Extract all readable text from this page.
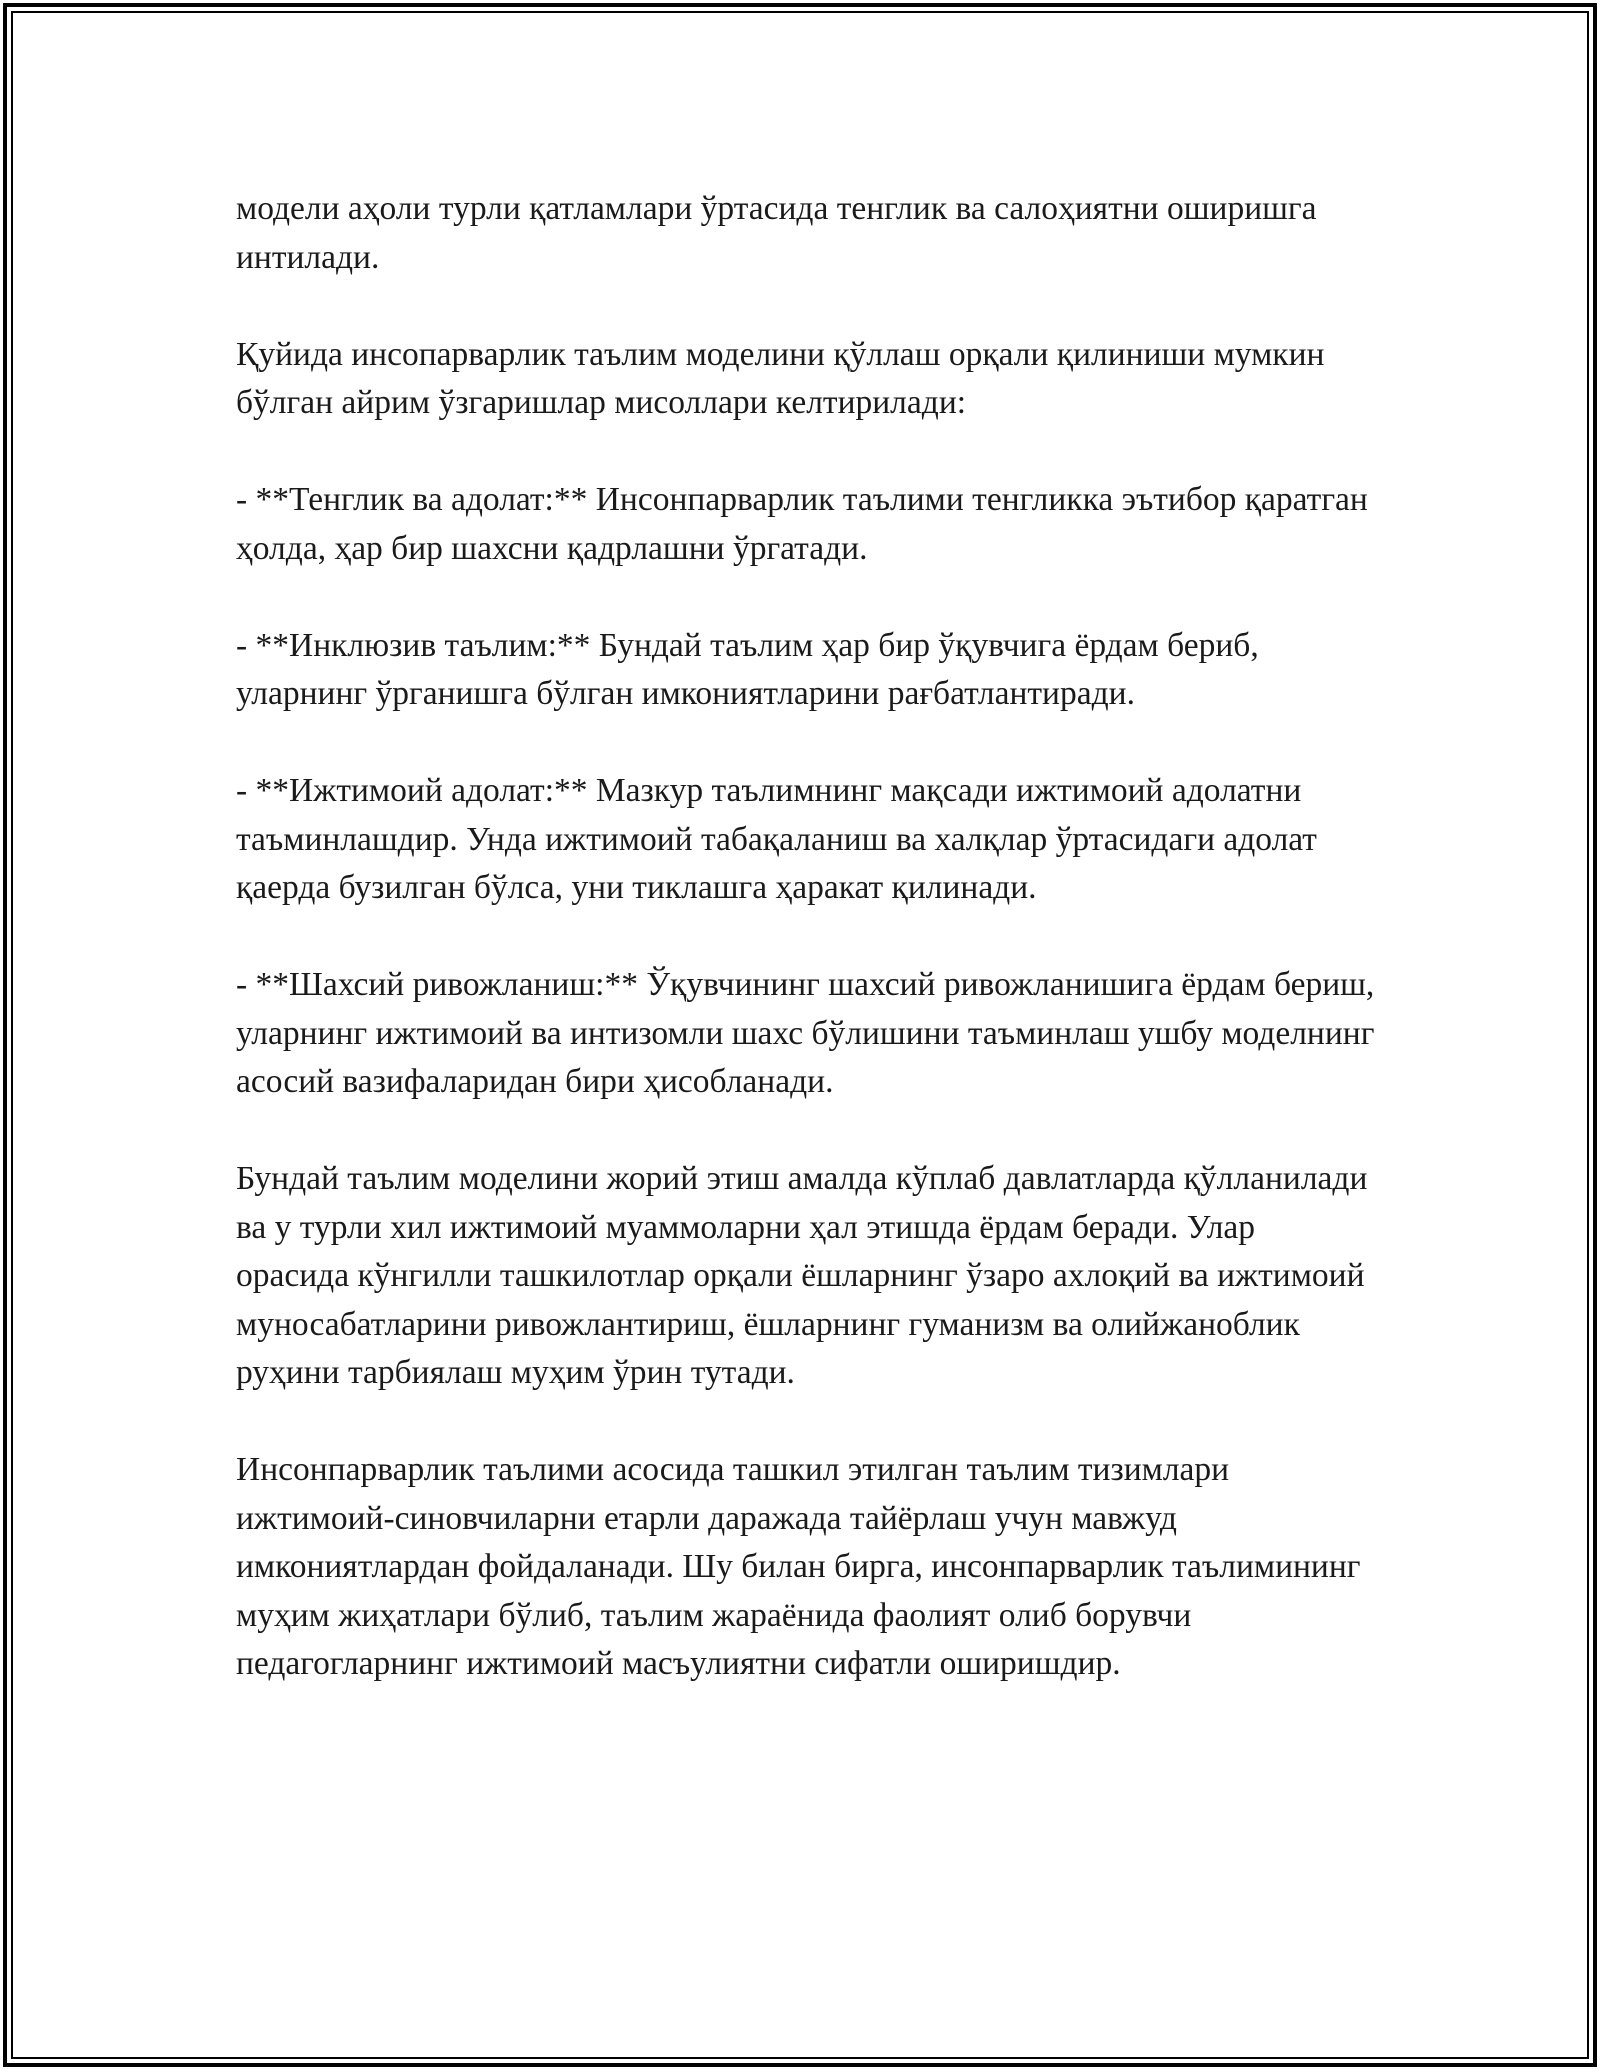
модели аҳоли турли қатламлари ўртасида тенглик ва салоҳиятни оширишга интилади.

Қуйида инсопарварлик таълим моделини қўллаш орқали қилиниши мумкин бўлган айрим ўзгаришлар мисоллари келтирилади:

- **Тенглик ва адолат:** Инсонпарварлик таълими тенгликка эътибор қаратган ҳолда, ҳар бир шахсни қадрлашни ўргатади.

- **Инклюзив таълим:** Бундай таълим ҳар бир ўқувчига ёрдам бериб, уларнинг ўрганишга бўлган имкониятларини рағбатлантиради.

- **Ижтимоий адолат:** Мазкур таълимнинг мақсади ижтимоий адолатни таъминлашдир. Унда ижтимоий табақаланиш ва халқлар ўртасидаги адолат қаерда бузилган бўлса, уни тиклашга ҳаракат қилинади.

- **Шахсий ривожланиш:** Ўқувчининг шахсий ривожланишига ёрдам бериш, уларнинг ижтимоий ва интизомли шахс бўлишини таъминлаш ушбу моделнинг асосий вазифаларидан бири ҳисобланади.

Бундай таълим моделини жорий этиш амалда кўплаб давлатларда қўлланилади ва у турли хил ижтимоий муаммоларни ҳал этишда ёрдам беради. Улар орасида кўнгилли ташкилотлар орқали ёшларнинг ўзаро ахлоқий ва ижтимоий муносабатларини ривожлантириш, ёшларнинг гуманизм ва олийжаноблик руҳини тарбиялаш муҳим ўрин тутади.

Инсонпарварлик таълими асосида ташкил этилган таълим тизимлари ижтимоий-синовчиларни етарли даражада тайёрлаш учун мавжуд имкониятлардан фойдаланади. Шу билан бирга, инсонпарварлик таълимининг муҳим жиҳатлари бўлиб, таълим жараёнида фаолият олиб борувчи педагогларнинг ижтимоий масъулиятни сифатли оширишдир.
